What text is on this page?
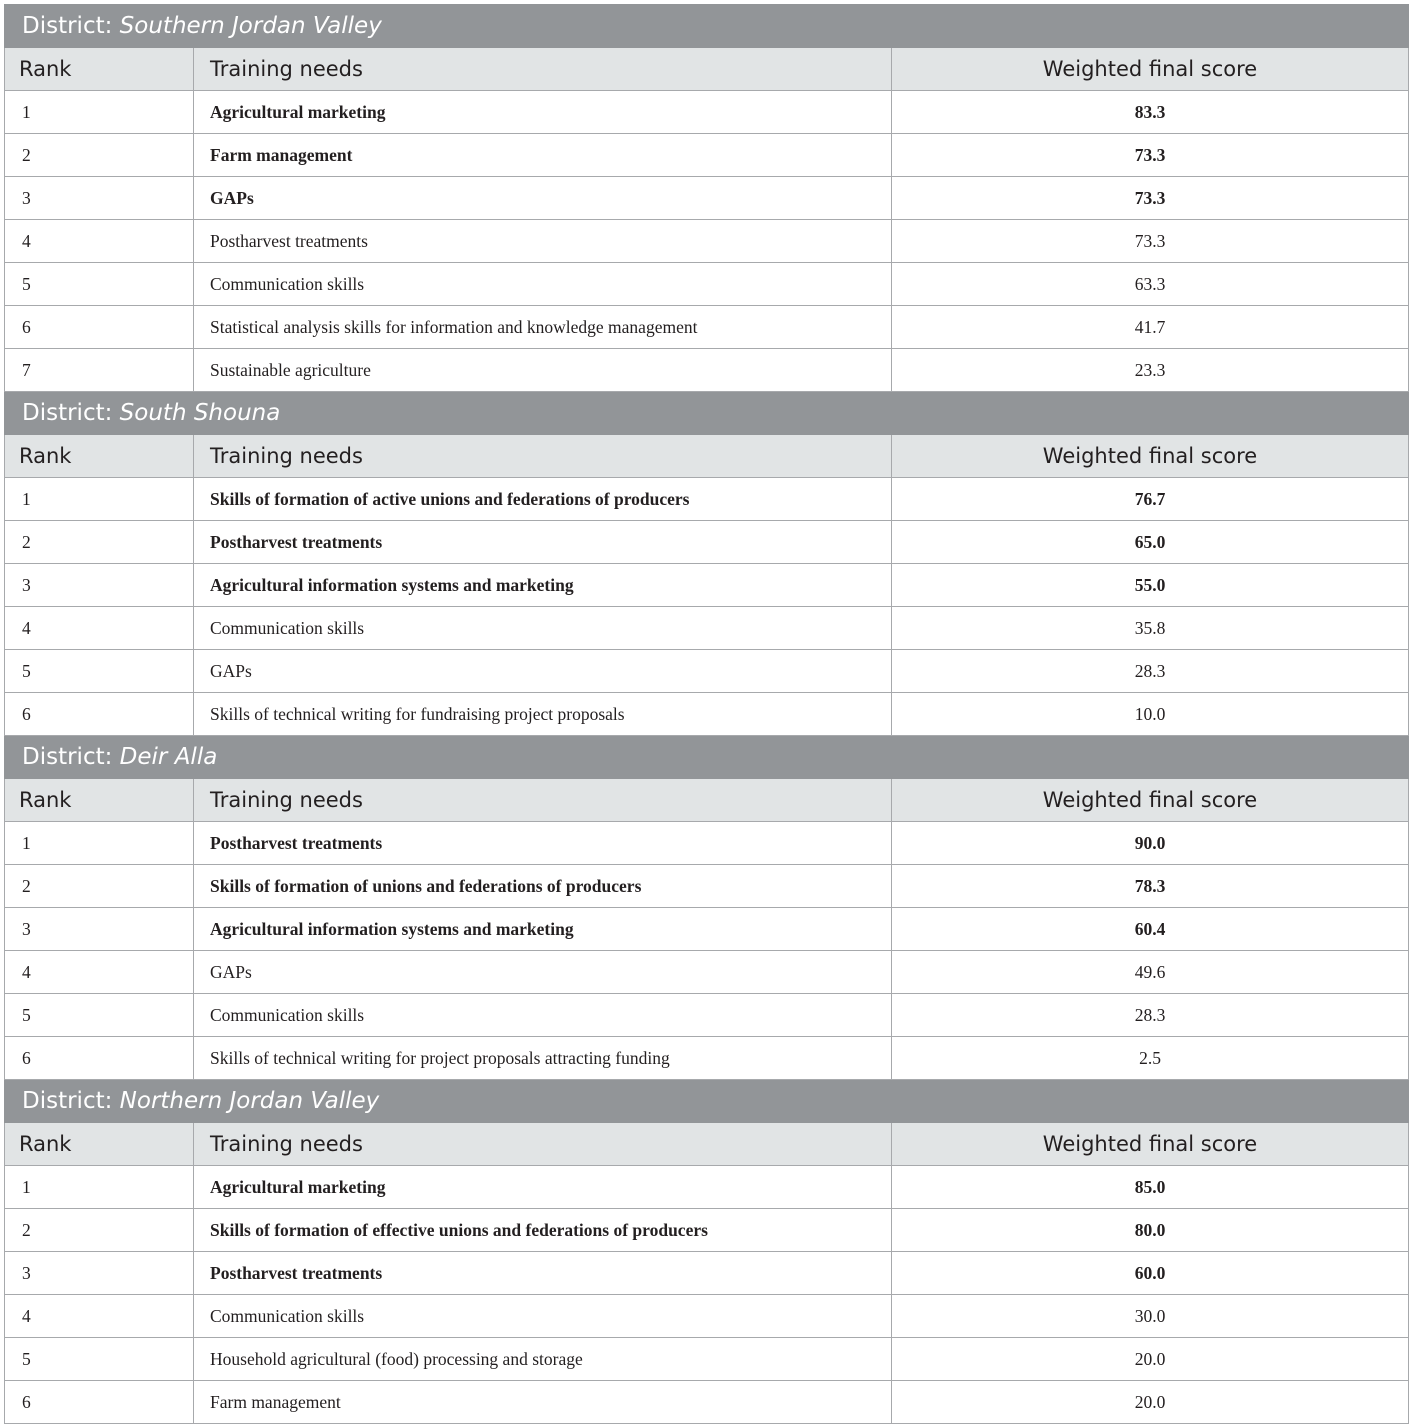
District: Southern Jordan Valley		
Rank	Training needs	Weighted final score
1	Agricultural marketing	83.3
2	Farm management	73.3
3	GAPs	73.3
4	Postharvest treatments	73.3
5	Communication skills	63.3
6	Statistical analysis skills for information and knowledge management	41.7
7	Sustainable agriculture	23.3
District: South Shouna		
Rank	Training needs	Weighted final score
1	Skills of formation of active unions and federations of producers	76.7
2	Postharvest treatments	65.0
3	Agricultural information systems and marketing	55.0
4	Communication skills	35.8
5	GAPs	28.3
6	Skills of technical writing for fundraising project proposals	10.0
District: Deir Alla		
Rank	Training needs	Weighted final score
1	Postharvest treatments	90.0
2	Skills of formation of unions and federations of producers	78.3
3	Agricultural information systems and marketing	60.4
4	GAPs	49.6
5	Communication skills	28.3
6	Skills of technical writing for project proposals attracting funding	2.5
District: Northern Jordan Valley		
Rank	Training needs	Weighted final score
1	Agricultural marketing	85.0
2	Skills of formation of effective unions and federations of producers	80.0
3	Postharvest treatments	60.0
4	Communication skills	30.0
5	Household agricultural (food) processing and storage	20.0
6	Farm management	20.0
